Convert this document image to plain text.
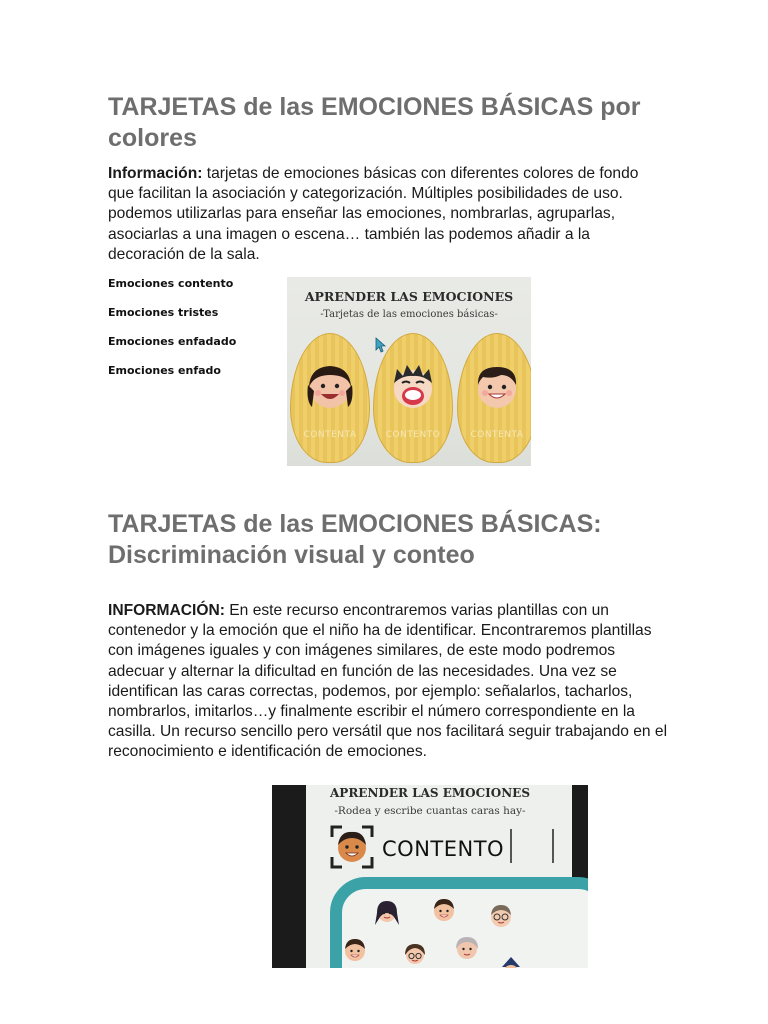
TARJETAS de las EMOCIONES BÁSICAS por colores

Información: tarjetas de emociones básicas con diferentes colores de fondo que facilitan la asociación y categorización. Múltiples posibilidades de uso. podemos utilizarlas para enseñar las emociones, nombrarlas, agruparlas, asociarlas a una imagen o escena… también las podemos añadir a la decoración de la sala.

Emociones contento
Emociones tristes
Emociones enfadado
Emociones enfado
APRENDER LAS EMOCIONES
-Tarjetas de las emociones básicas-
CONTENTA	CONTENTO	CONTENTA
TARJETAS de las EMOCIONES BÁSICAS: Discriminación visual y conteo

INFORMACIÓN: En este recurso encontraremos varias plantillas con un contenedor y la emoción que el niño ha de identificar. Encontraremos plantillas con imágenes iguales y con imágenes similares, de este modo podremos adecuar y alternar la dificultad en función de las necesidades. Una vez se identifican las caras correctas, podemos, por ejemplo: señalarlos, tacharlos, nombrarlos, imitarlos…y finalmente escribir el número correspondiente en la casilla. Un recurso sencillo pero versátil que nos facilitará seguir trabajando en el reconocimiento e identificación de emociones.

APRENDER LAS EMOCIONES
-Rodea y escribe cuantas caras hay-
CONTENTO
